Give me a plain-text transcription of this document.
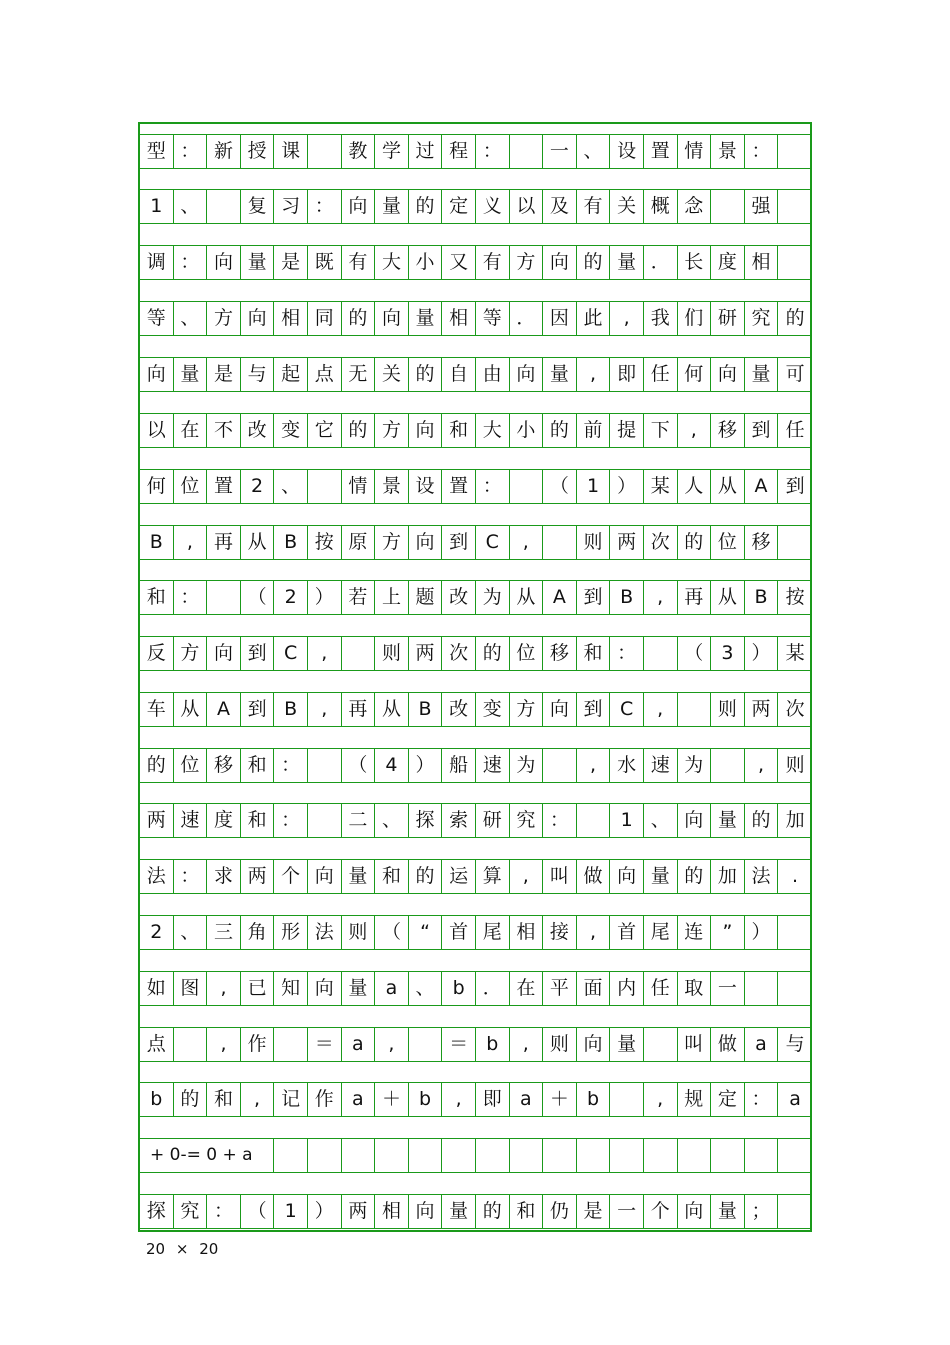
型 ： 新 授 课	教 学 过 程 ：	一 、 设 置 情 景 ：
1 、	复 习 ： 向 量 的 定 义 以 及 有 关 概 念	强
调 ： 向 量 是 既 有 大 小 又 有 方 向 的 量 ． 长 度 相
等 、 方 向 相 同 的 向 量 相 等 ． 因 此	,	我 们 研 究 的
向 量 是 与 起 点 无 关 的 自 由 向 量	,	即 任 何 向 量 可
以 在 不 改 变 它 的 方 向 和 大 小 的 前 提 下	,	移 到 任
何 位 置 2 、	情 景 设 置 ：	（ 1 ） 某 人 从 A 到
B	,	再 从 B 按 原 方 向 到 C	,	则 两 次 的 位 移
和 ：	（ 2 ） 若 上 题 改 为 从 A 到 B	,	再 从 B 按
反 方 向 到 C	,	则 两 次 的 位 移 和 ：	（ 3 ） 某
车 从 A 到 B	,	再 从 B 改 变 方 向 到 C	,	则 两 次
的 位 移 和 ：	（ 4 ） 船 速 为	,	水 速 为	,	则
两 速 度 和 ：	二 、 探 索 研 究 ：	1 、 向 量 的 加
法 ： 求 两 个 向 量 和 的 运 算	,	叫 做 向 量 的 加 法	.
2 、 三 角 形 法 则 （	“	首 尾 相 接	,	首 尾 连	”	）
如 图	,	已 知 向 量 a 、 b ． 在 平 面 内 任 取 一
点	,	作	＝ a	,	＝ b	,	则 向 量	叫 做 a 与
b 的 和	,	记 作 a ＋ b	,	即 a ＋ b	,	规 定 ： a
+ 0-= 0 + a
探 究 ： （ 1 ） 两 相 向 量 的 和 仍 是 一 个 向 量 ；
20 × 20
